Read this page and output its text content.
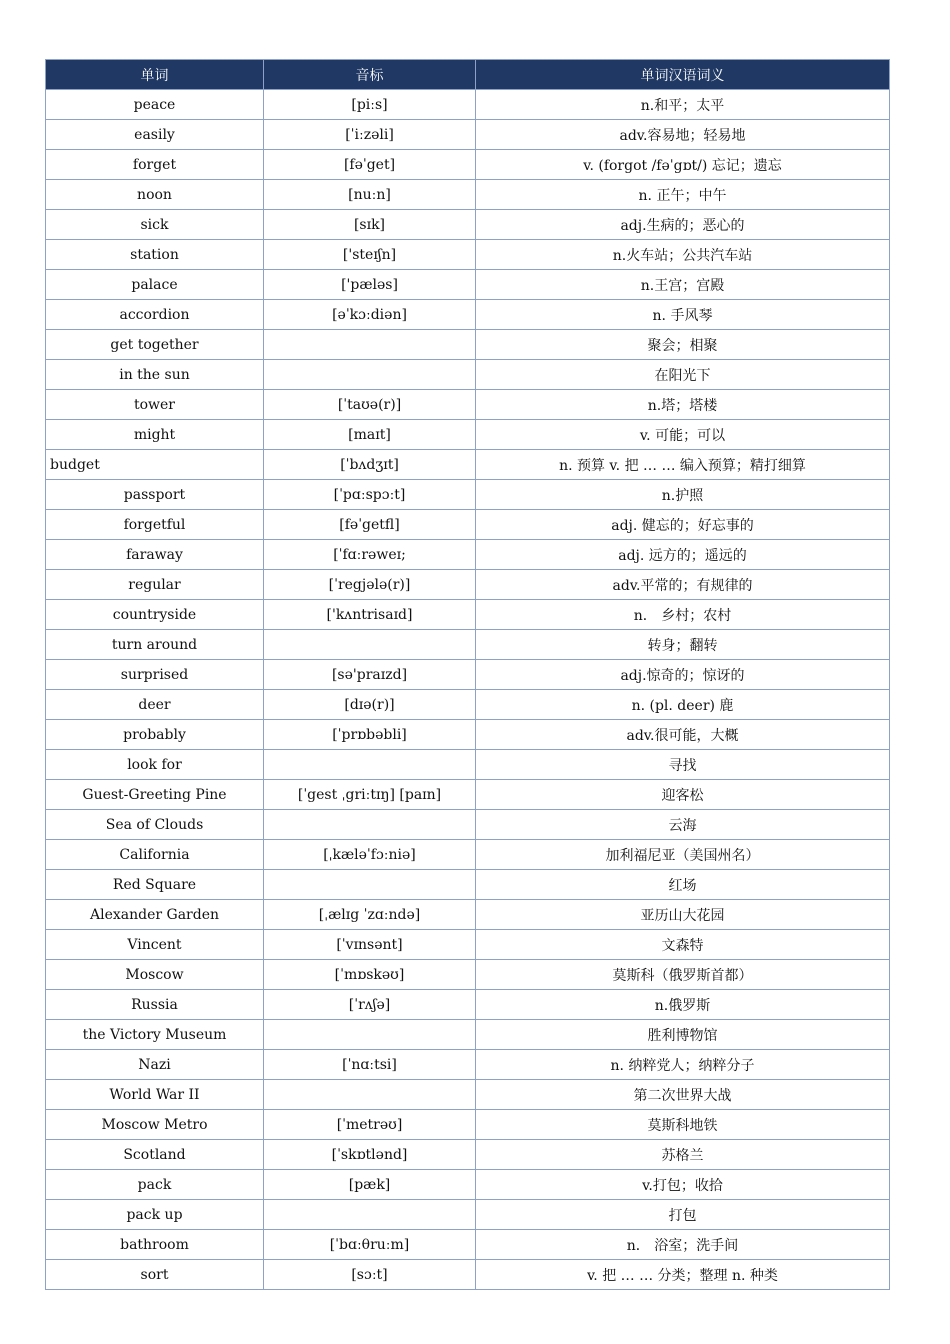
单词	音标	单词汉语词义
peace	[piːs]	n.和平；太平
easily	[ˈiːzəli]	adv.容易地；轻易地
forget	[fəˈget]	v. (forgot /fəˈgɒt/) 忘记；遗忘
noon	[nuːn]	n. 正午；中午
sick	[sɪk]	adj.生病的；恶心的
station	['steɪʃn]	n.火车站；公共汽车站
palace	['pæləs]	n.王宫；宫殿
accordion	[əˈkɔːdiən]	n. 手风琴
get together		聚会；相聚
in the sun		在阳光下
tower	[ˈtaʊə(r)]	n.塔；塔楼
might	[maɪt]	v. 可能；可以
budget	[ˈbʌdʒɪt]	n. 预算 v. 把 … … 编入预算；精打细算
passport	[ˈpɑːspɔːt]	n.护照
forgetful	[fəˈgetfl]	adj. 健忘的；好忘事的
faraway	[ˈfɑːrəweɪ;	adj. 远方的；遥远的
regular	[ˈregjələ(r)]	adv.平常的；有规律的
countryside	['kʌntrisaɪd]	n． 乡村；农村
turn around		转身；翻转
surprised	[sə'praɪzd]	adj.惊奇的；惊讶的
deer	[dɪə(r)]	n. (pl. deer) 鹿
probably	[ˈprɒbəbli]	adv.很可能，大概
look for		寻找
Guest-Greeting Pine	[ˈgest ˌgriːtɪŋ] [paɪn]	迎客松
Sea of Clouds		云海
California	[ˌkæləˈfɔːniə]	加利福尼亚（美国州名）
Red Square		红场
Alexander Garden	[ˌælɪg ˈzɑːndə]	亚历山大花园
Vincent	[ˈvɪnsənt]	文森特
Moscow	[ˈmɒskəʊ]	莫斯科（俄罗斯首都）
Russia	[ˈrʌʃə]	n.俄罗斯
the Victory Museum		胜利博物馆
Nazi	[ˈnɑːtsi]	n. 纳粹党人；纳粹分子
World War II		第二次世界大战
Moscow Metro	[ˈmetrəʊ]	莫斯科地铁
Scotland	[ˈskɒtlənd]	苏格兰
pack	[pæk]	v.打包；收拾
pack up		打包
bathroom	[ˈbɑːθruːm]	n． 浴室；洗手间
sort	[sɔːt]	v. 把 … … 分类；整理 n. 种类
